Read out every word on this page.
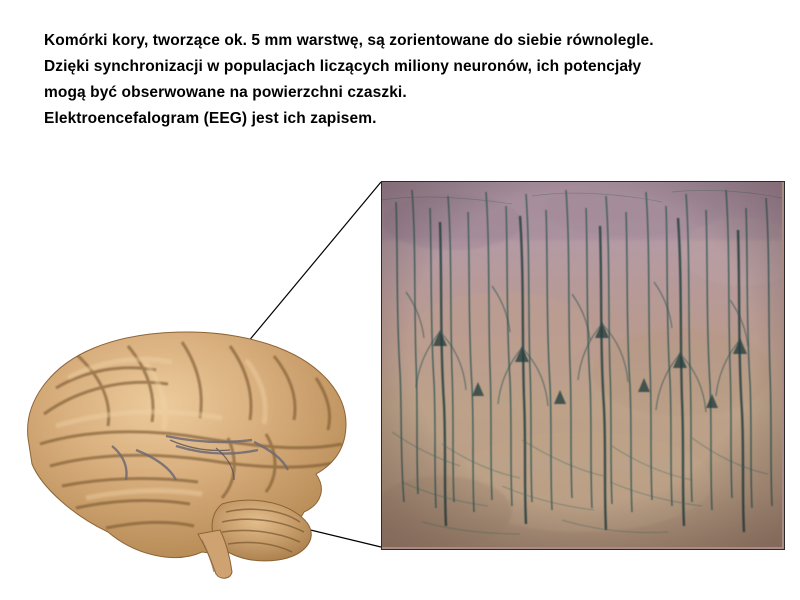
Komórki kory, tworzące ok. 5 mm warstwę, są zorientowane do siebie równolegle.
Dzięki synchronizacji w populacjach liczących miliony neuronów, ich potencjały
mogą być obserwowane na powierzchni czaszki.
Elektroencefalogram (EEG) jest ich zapisem.
